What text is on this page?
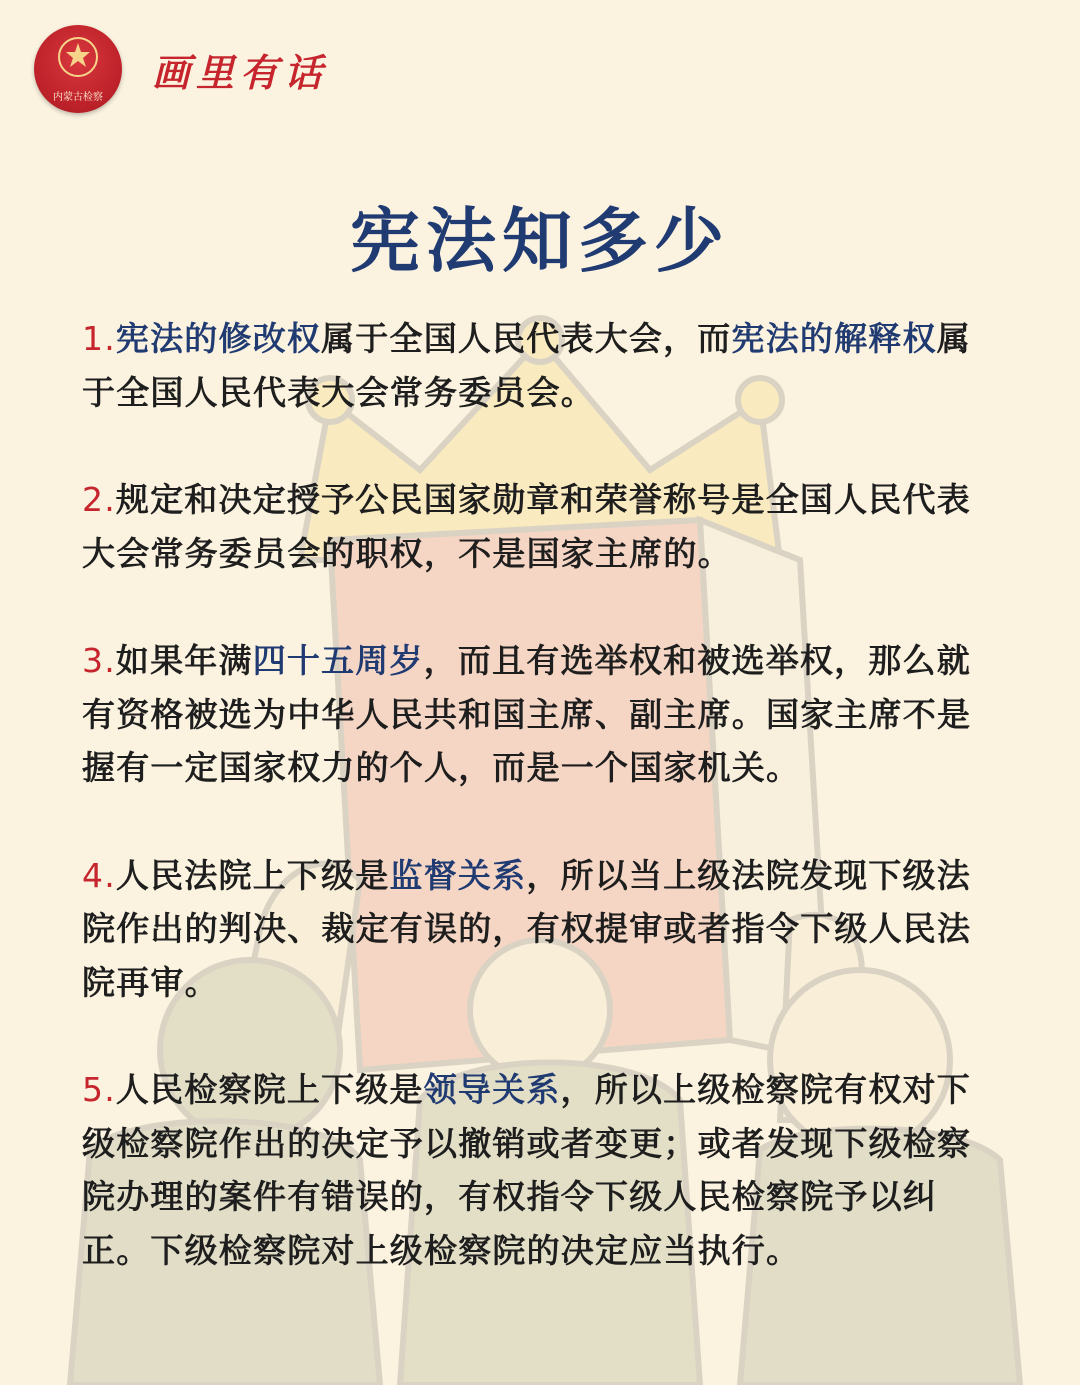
内蒙古检察
画里有话
宪法知多少
1.宪法的修改权属于全国人民代表大会，而宪法的解释权属于全国人民代表大会常务委员会。
2.规定和决定授予公民国家勋章和荣誉称号是全国人民代表大会常务委员会的职权，不是国家主席的。
3.如果年满四十五周岁，而且有选举权和被选举权，那么就有资格被选为中华人民共和国主席、副主席。国家主席不是握有一定国家权力的个人，而是一个国家机关。
4.人民法院上下级是监督关系，所以当上级法院发现下级法院作出的判决、裁定有误的，有权提审或者指令下级人民法院再审。
5.人民检察院上下级是领导关系，所以上级检察院有权对下级检察院作出的决定予以撤销或者变更；或者发现下级检察院办理的案件有错误的，有权指令下级人民检察院予以纠正。下级检察院对上级检察院的决定应当执行。
